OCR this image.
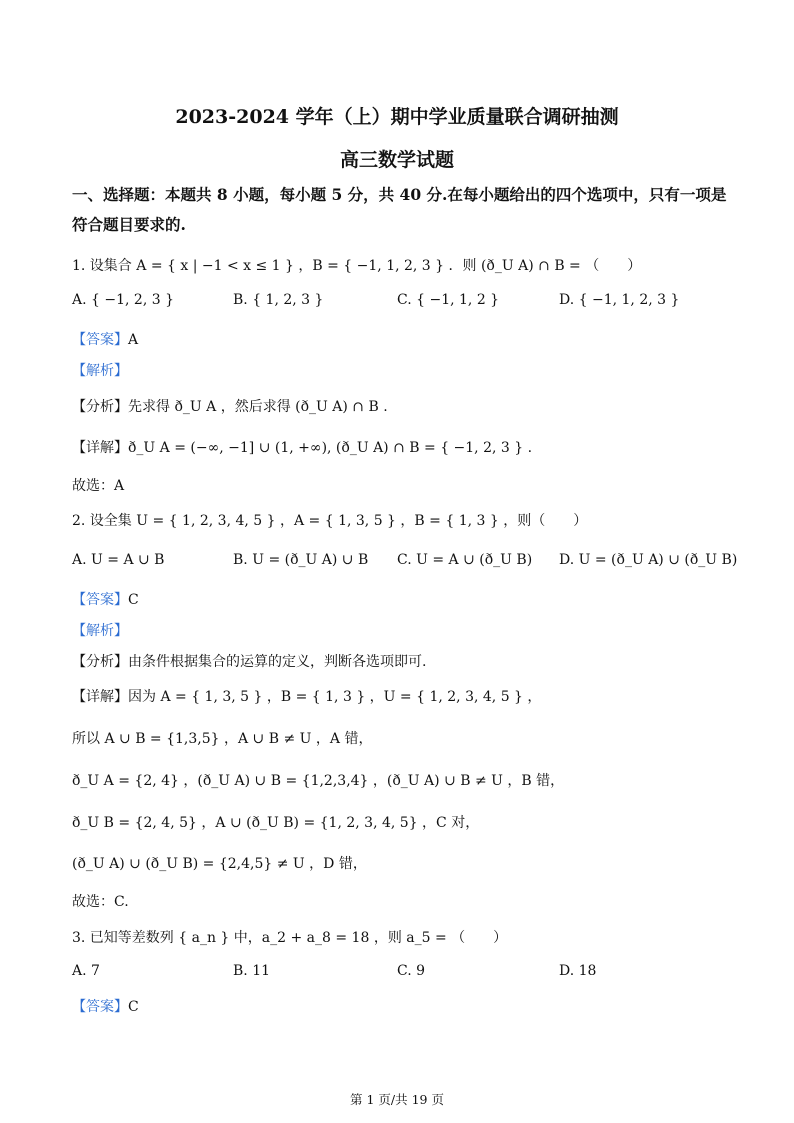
2023-2024 学年（上）期中学业质量联合调研抽测
高三数学试题
一、选择题：本题共 8 小题，每小题 5 分，共 40 分.在每小题给出的四个选项中，只有一项是
符合题目要求的.
1. 设集合 A = { x | −1 < x ≤ 1 } ，B = { −1, 1, 2, 3 } ．则 (ð_U A) ∩ B = （　　）
A. { −1, 2, 3 }	B. { 1, 2, 3 }	C. { −1, 1, 2 }	D. { −1, 1, 2, 3 }
【答案】A
【解析】
【分析】先求得 ð_U A ，然后求得 (ð_U A) ∩ B .
【详解】ð_U A = (−∞, −1] ∪ (1, +∞), (ð_U A) ∩ B = { −1, 2, 3 } .
故选：A
2. 设全集 U = { 1, 2, 3, 4, 5 } ，A = { 1, 3, 5 } ，B = { 1, 3 } ，则（　　）
A. U = A ∪ B	B. U = (ð_U A) ∪ B C. U = A ∪ (ð_U B) D. U = (ð_U A) ∪ (ð_U B)
【答案】C
【解析】
【分析】由条件根据集合的运算的定义，判断各选项即可.
【详解】因为 A = { 1, 3, 5 } ，B = { 1, 3 } ，U = { 1, 2, 3, 4, 5 } ，
所以 A ∪ B = {1,3,5} ，A ∪ B ≠ U ，A 错，
ð_U A = {2, 4} ，(ð_U A) ∪ B = {1,2,3,4} ，(ð_U A) ∪ B ≠ U ，B 错，
ð_U B = {2, 4, 5} ，A ∪ (ð_U B) = {1, 2, 3, 4, 5} ，C 对，
(ð_U A) ∪ (ð_U B) = {2,4,5} ≠ U ，D 错，
故选：C.
3. 已知等差数列 { a_n } 中，a_2 + a_8 = 18 ，则 a_5 = （　　）
A. 7	B. 11	C. 9	D. 18
【答案】C
第 1 页/共 19 页
